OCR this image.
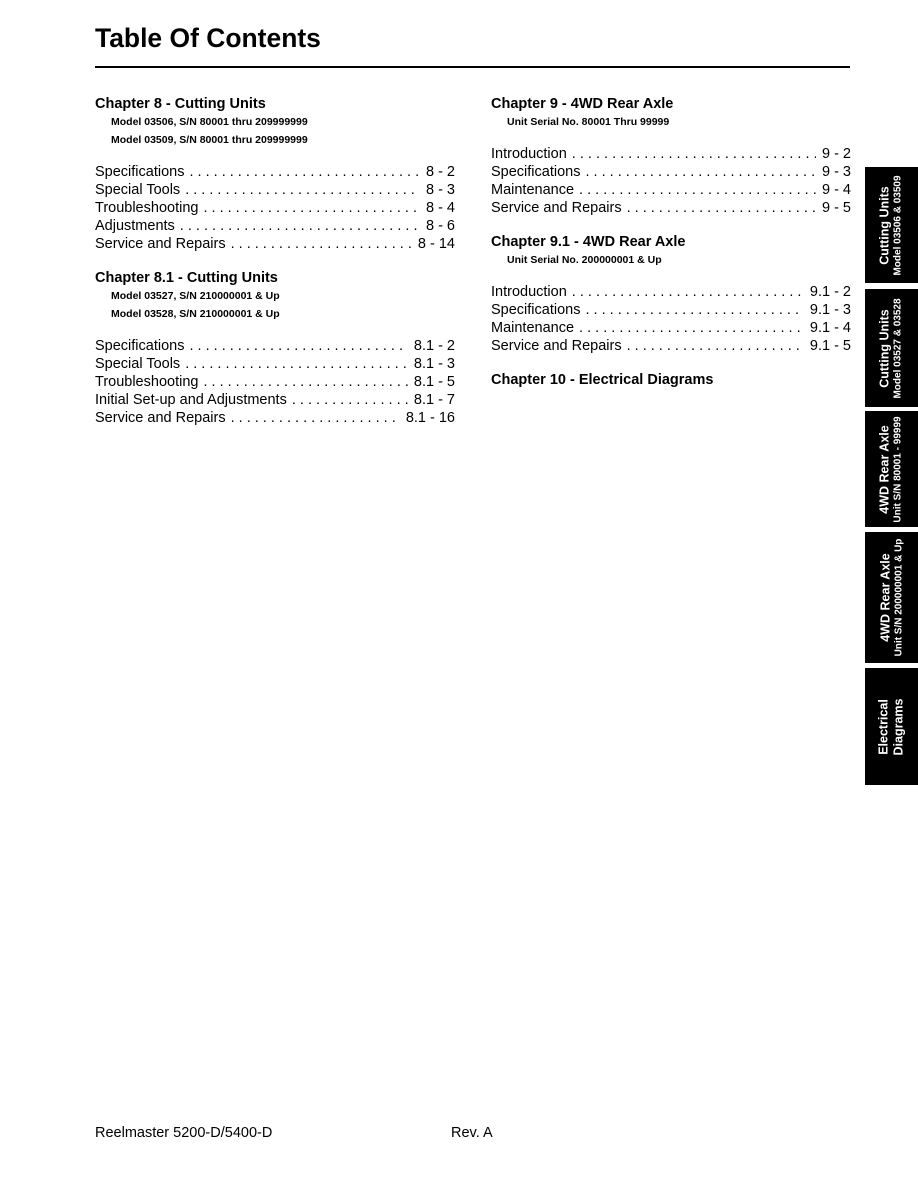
Table Of Contents
Chapter 8 - Cutting Units
Model 03506, S/N 80001 thru 209999999
Model 03509, S/N 80001 thru 209999999
Specifications . . .	8 - 2
Special Tools . . .	8 - 3
Troubleshooting . . .	8 - 4
Adjustments . . .	8 - 6
Service and Repairs . . .	8 - 14
Chapter 8.1 - Cutting Units
Model 03527, S/N 210000001 & Up
Model 03528, S/N 210000001 & Up
Specifications . . .	8.1 - 2
Special Tools . . .	8.1 - 3
Troubleshooting . . .	8.1 - 5
Initial Set-up and Adjustments . . .	8.1 - 7
Service and Repairs . . .	8.1 - 16
Chapter 9 - 4WD Rear Axle
Unit Serial No. 80001 Thru 99999
Introduction . . .	9 - 2
Specifications . . .	9 - 3
Maintenance . . .	9 - 4
Service and Repairs . . .	9 - 5
Chapter 9.1 - 4WD Rear Axle
Unit Serial No. 200000001 & Up
Introduction . . .	9.1 - 2
Specifications . . .	9.1 - 3
Maintenance . . .	9.1 - 4
Service and Repairs . . .	9.1 - 5
Chapter 10 - Electrical Diagrams
Cutting Units Model 03506 & 03509
Cutting Units Model 03527 & 03528
4WD Rear Axle Unit S/N 80001 - 99999
4WD Rear Axle Unit S/N 200000001 & Up
Electrical Diagrams
Reelmaster 5200-D/5400-D	Rev. A
